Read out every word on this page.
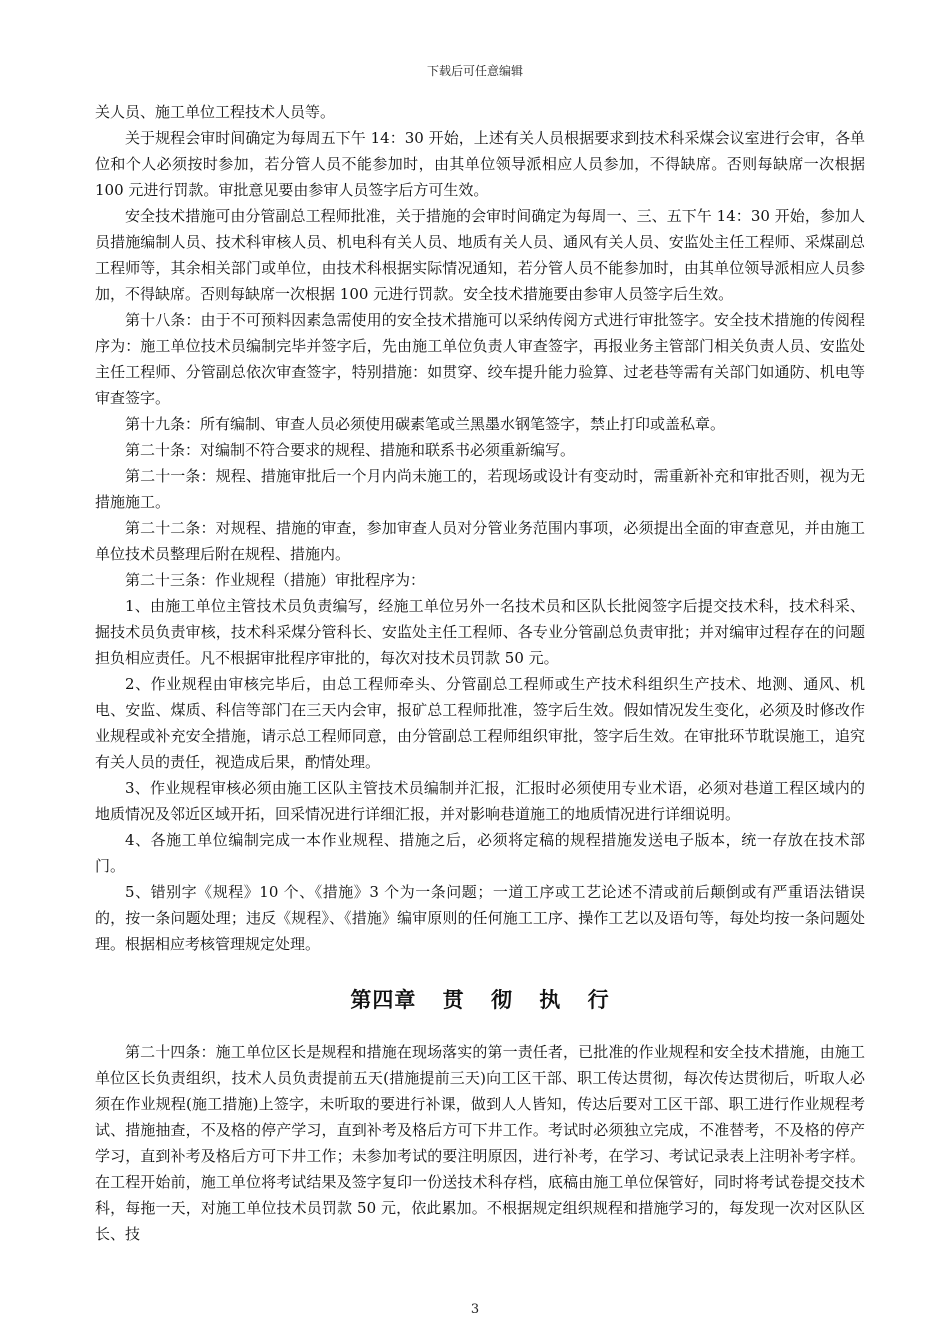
下载后可任意编辑

关人员、施工单位工程技术人员等。

关于规程会审时间确定为每周五下午 14：30 开始，上述有关人员根据要求到技术科采煤会议室进行会审，各单位和个人必须按时参加，若分管人员不能参加时，由其单位领导派相应人员参加，不得缺席。否则每缺席一次根据 100 元进行罚款。审批意见要由参审人员签字后方可生效。

安全技术措施可由分管副总工程师批准，关于措施的会审时间确定为每周一、三、五下午 14：30 开始，参加人员措施编制人员、技术科审核人员、机电科有关人员、地质有关人员、通风有关人员、安监处主任工程师、采煤副总工程师等，其余相关部门或单位，由技术科根据实际情况通知，若分管人员不能参加时，由其单位领导派相应人员参加，不得缺席。否则每缺席一次根据 100 元进行罚款。安全技术措施要由参审人员签字后生效。

第十八条：由于不可预料因素急需使用的安全技术措施可以采纳传阅方式进行审批签字。安全技术措施的传阅程序为：施工单位技术员编制完毕并签字后，先由施工单位负责人审查签字，再报业务主管部门相关负责人员、安监处主任工程师、分管副总依次审查签字，特别措施：如贯穿、绞车提升能力验算、过老巷等需有关部门如通防、机电等审查签字。

第十九条：所有编制、审查人员必须使用碳素笔或兰黑墨水钢笔签字，禁止打印或盖私章。

第二十条：对编制不符合要求的规程、措施和联系书必须重新编写。

第二十一条：规程、措施审批后一个月内尚未施工的，若现场或设计有变动时，需重新补充和审批否则，视为无措施施工。

第二十二条：对规程、措施的审查，参加审查人员对分管业务范围内事项，必须提出全面的审查意见，并由施工单位技术员整理后附在规程、措施内。

第二十三条：作业规程（措施）审批程序为：

1、由施工单位主管技术员负责编写，经施工单位另外一名技术员和区队长批阅签字后提交技术科，技术科采、掘技术员负责审核，技术科采煤分管科长、安监处主任工程师、各专业分管副总负责审批；并对编审过程存在的问题担负相应责任。凡不根据审批程序审批的，每次对技术员罚款 50 元。

2、作业规程由审核完毕后，由总工程师牵头、分管副总工程师或生产技术科组织生产技术、地测、通风、机电、安监、煤质、科信等部门在三天内会审，报矿总工程师批准，签字后生效。假如情况发生变化，必须及时修改作业规程或补充安全措施，请示总工程师同意，由分管副总工程师组织审批，签字后生效。在审批环节耽误施工，追究有关人员的责任，视造成后果，酌情处理。

3、作业规程审核必须由施工区队主管技术员编制并汇报，汇报时必须使用专业术语，必须对巷道工程区域内的地质情况及邻近区域开拓，回采情况进行详细汇报，并对影响巷道施工的地质情况进行详细说明。

4、各施工单位编制完成一本作业规程、措施之后，必须将定稿的规程措施发送电子版本，统一存放在技术部门。

5、错别字《规程》10 个、《措施》3 个为一条问题；一道工序或工艺论述不清或前后颠倒或有严重语法错误的，按一条问题处理；违反《规程》、《措施》编审原则的任何施工工序、操作工艺以及语句等，每处均按一条问题处理。根据相应考核管理规定处理。

第四章 贯 彻 执 行

第二十四条：施工单位区长是规程和措施在现场落实的第一责任者，已批准的作业规程和安全技术措施，由施工单位区长负责组织，技术人员负责提前五天(措施提前三天)向工区干部、职工传达贯彻，每次传达贯彻后，听取人必须在作业规程(施工措施)上签字，未听取的要进行补课，做到人人皆知，传达后要对工区干部、职工进行作业规程考试、措施抽查，不及格的停产学习，直到补考及格后方可下井工作。考试时必须独立完成，不准替考，不及格的停产学习，直到补考及格后方可下井工作；未参加考试的要注明原因，进行补考，在学习、考试记录表上注明补考字样。在工程开始前，施工单位将考试结果及签字复印一份送技术科存档，底稿由施工单位保管好，同时将考试卷提交技术科，每拖一天，对施工单位技术员罚款 50 元，依此累加。不根据规定组织规程和措施学习的，每发现一次对区队区长、技

3
